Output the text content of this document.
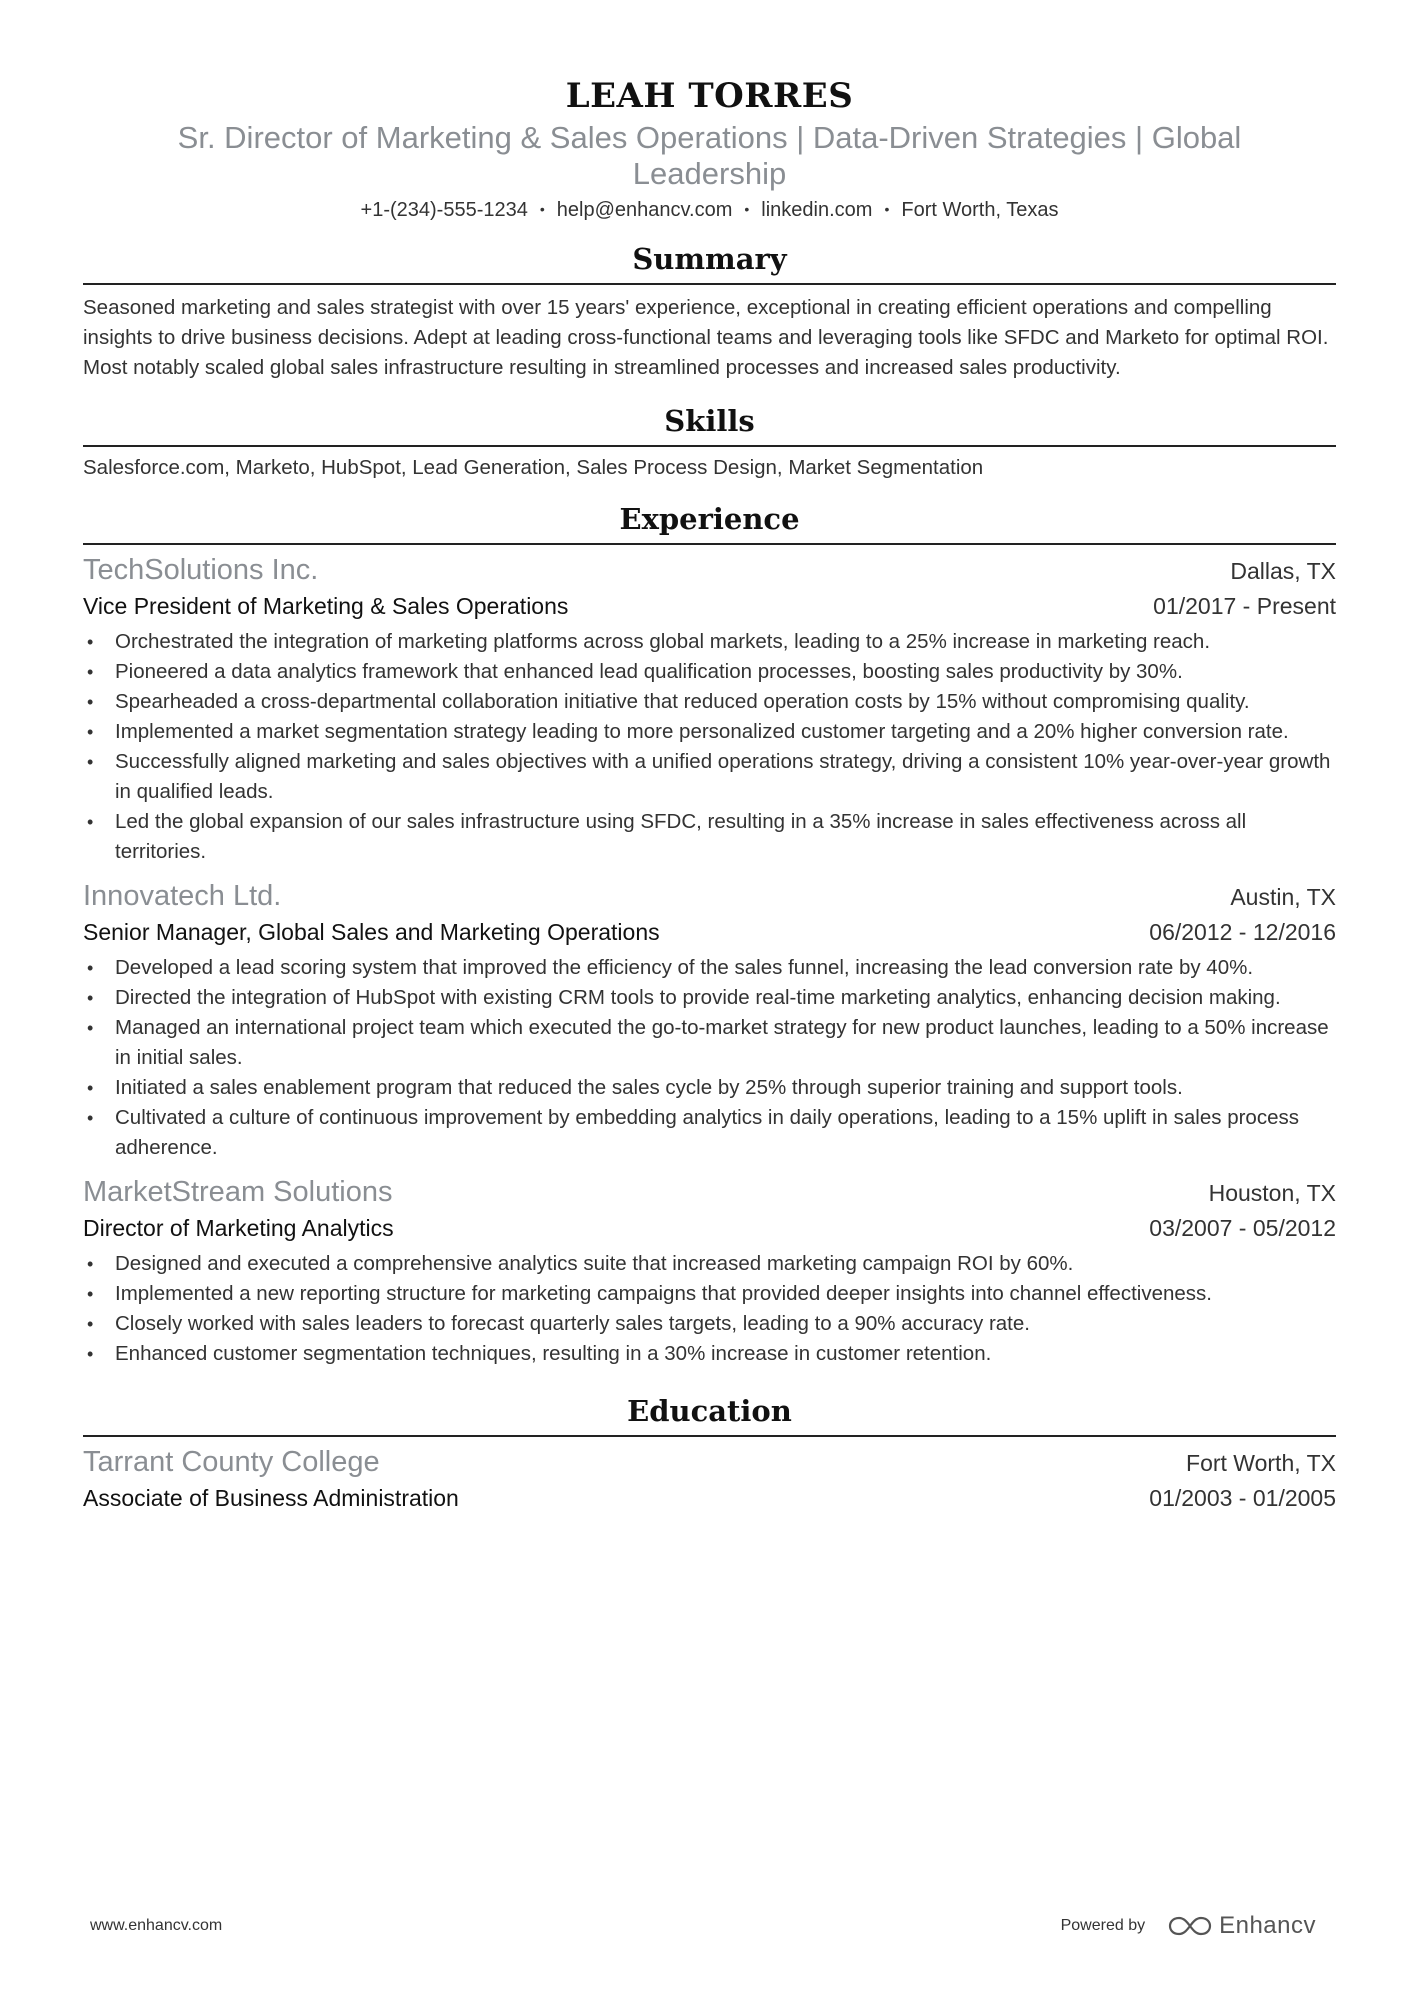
LEAH TORRES
Sr. Director of Marketing & Sales Operations | Data-Driven Strategies | Global Leadership
+1-(234)-555-1234 • help@enhancv.com • linkedin.com • Fort Worth, Texas
Summary
Seasoned marketing and sales strategist with over 15 years' experience, exceptional in creating efficient operations and compelling insights to drive business decisions. Adept at leading cross-functional teams and leveraging tools like SFDC and Marketo for optimal ROI. Most notably scaled global sales infrastructure resulting in streamlined processes and increased sales productivity.
Skills
Salesforce.com, Marketo, HubSpot, Lead Generation, Sales Process Design, Market Segmentation
Experience
TechSolutions Inc.	Dallas, TX
Vice President of Marketing & Sales Operations	01/2017 - Present
• Orchestrated the integration of marketing platforms across global markets, leading to a 25% increase in marketing reach.
• Pioneered a data analytics framework that enhanced lead qualification processes, boosting sales productivity by 30%.
• Spearheaded a cross-departmental collaboration initiative that reduced operation costs by 15% without compromising quality.
• Implemented a market segmentation strategy leading to more personalized customer targeting and a 20% higher conversion rate.
• Successfully aligned marketing and sales objectives with a unified operations strategy, driving a consistent 10% year-over-year growth in qualified leads.
• Led the global expansion of our sales infrastructure using SFDC, resulting in a 35% increase in sales effectiveness across all territories.
Innovatech Ltd.	Austin, TX
Senior Manager, Global Sales and Marketing Operations	06/2012 - 12/2016
• Developed a lead scoring system that improved the efficiency of the sales funnel, increasing the lead conversion rate by 40%.
• Directed the integration of HubSpot with existing CRM tools to provide real-time marketing analytics, enhancing decision making.
• Managed an international project team which executed the go-to-market strategy for new product launches, leading to a 50% increase in initial sales.
• Initiated a sales enablement program that reduced the sales cycle by 25% through superior training and support tools.
• Cultivated a culture of continuous improvement by embedding analytics in daily operations, leading to a 15% uplift in sales process adherence.
MarketStream Solutions	Houston, TX
Director of Marketing Analytics	03/2007 - 05/2012
• Designed and executed a comprehensive analytics suite that increased marketing campaign ROI by 60%.
• Implemented a new reporting structure for marketing campaigns that provided deeper insights into channel effectiveness.
• Closely worked with sales leaders to forecast quarterly sales targets, leading to a 90% accuracy rate.
• Enhanced customer segmentation techniques, resulting in a 30% increase in customer retention.
Education
Tarrant County College	Fort Worth, TX
Associate of Business Administration	01/2003 - 01/2005
www.enhancv.com	Powered by	Enhancv
